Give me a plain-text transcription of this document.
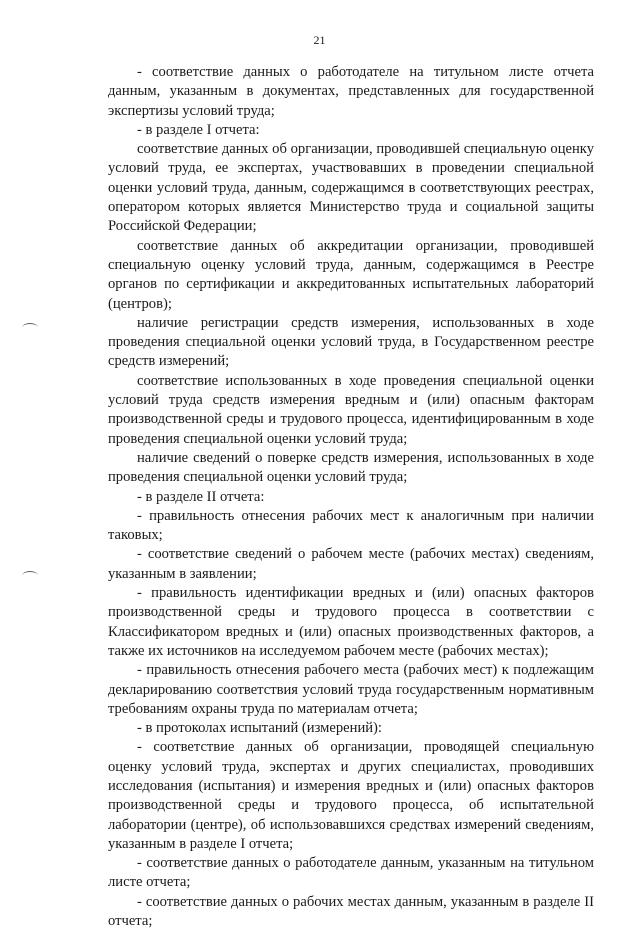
21

- соответствие данных о работодателе на титульном листе отчета данным, указанным в документах, представленных для государственной экспертизы условий труда;

- в разделе I отчета:

соответствие данных об организации, проводившей специальную оценку условий труда, ее экспертах, участвовавших в проведении специальной оценки условий труда, данным, содержащимся в соответствующих реестрах, оператором которых является Министерство труда и социальной защиты Российской Федерации;

соответствие данных об аккредитации организации, проводившей специальную оценку условий труда, данным, содержащимся в Реестре органов по сертификации и аккредитованных испытательных лабораторий (центров);

наличие регистрации средств измерения, использованных в ходе проведения специальной оценки условий труда, в Государственном реестре средств измерений;

соответствие использованных в ходе проведения специальной оценки условий труда средств измерения вредным и (или) опасным факторам производственной среды и трудового процесса, идентифицированным в ходе проведения специальной оценки условий труда;

наличие сведений о поверке средств измерения, использованных в ходе проведения специальной оценки условий труда;

- в разделе II отчета:

- правильность отнесения рабочих мест к аналогичным при наличии таковых;

- соответствие сведений о рабочем месте (рабочих местах) сведениям, указанным в заявлении;

- правильность идентификации вредных и (или) опасных факторов производственной среды и трудового процесса в соответствии с Классификатором вредных и (или) опасных производственных факторов, а также их источников на исследуемом рабочем месте (рабочих местах);

- правильность отнесения рабочего места (рабочих мест) к подлежащим декларированию соответствия условий труда государственным нормативным требованиям охраны труда по материалам отчета;

- в протоколах испытаний (измерений):

- соответствие данных об организации, проводящей специальную оценку условий труда, экспертах и других специалистах, проводивших исследования (испытания) и измерения вредных и (или) опасных факторов производственной среды и трудового процесса, об испытательной лаборатории (центре), об использовавшихся средствах измерений сведениям, указанным в разделе I отчета;

- соответствие данных о работодателе данным, указанным на титульном листе отчета;

- соответствие данных о рабочих местах данным, указанным в разделе II отчета;
